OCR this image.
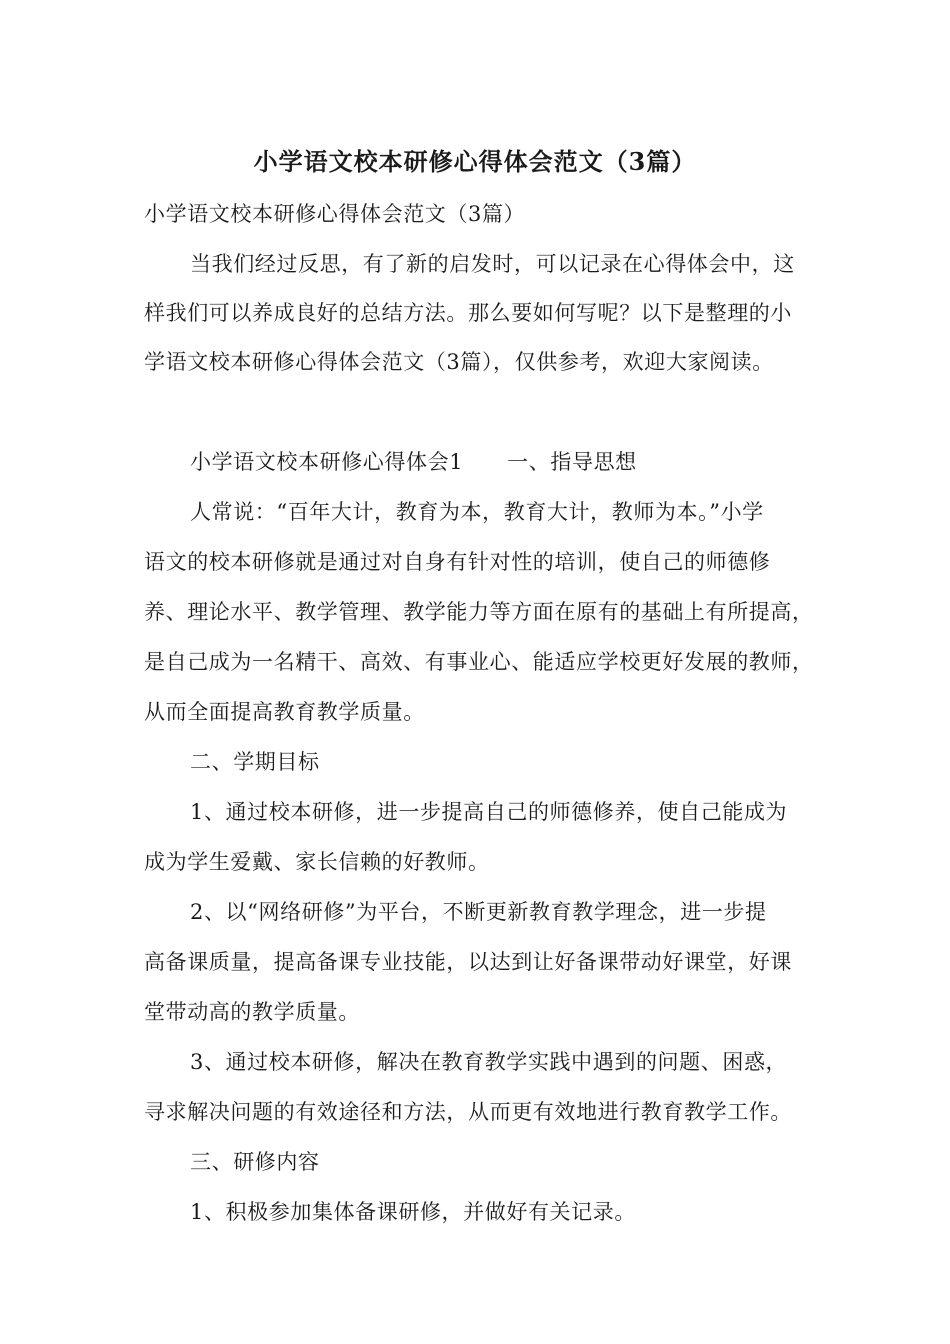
小学语文校本研修心得体会范文（3篇）
小学语文校本研修心得体会范文（3篇）
当我们经过反思，有了新的启发时，可以记录在心得体会中，这
样我们可以养成良好的总结方法。那么要如何写呢？以下是整理的小
学语文校本研修心得体会范文（3篇），仅供参考，欢迎大家阅读。
小学语文校本研修心得体会1 一、指导思想
人常说：“百年大计，教育为本，教育大计，教师为本。”小学
语文的校本研修就是通过对自身有针对性的培训，使自己的师德修
养、理论水平、教学管理、教学能力等方面在原有的基础上有所提高，
是自己成为一名精干、高效、有事业心、能适应学校更好发展的教师，
从而全面提高教育教学质量。
二、学期目标
1、通过校本研修，进一步提高自己的师德修养，使自己能成为
成为学生爱戴、家长信赖的好教师。
2、以“网络研修”为平台，不断更新教育教学理念，进一步提
高备课质量，提高备课专业技能，以达到让好备课带动好课堂，好课
堂带动高的教学质量。
3、通过校本研修，解决在教育教学实践中遇到的问题、困惑，
寻求解决问题的有效途径和方法，从而更有效地进行教育教学工作。
三、研修内容
1、积极参加集体备课研修，并做好有关记录。
